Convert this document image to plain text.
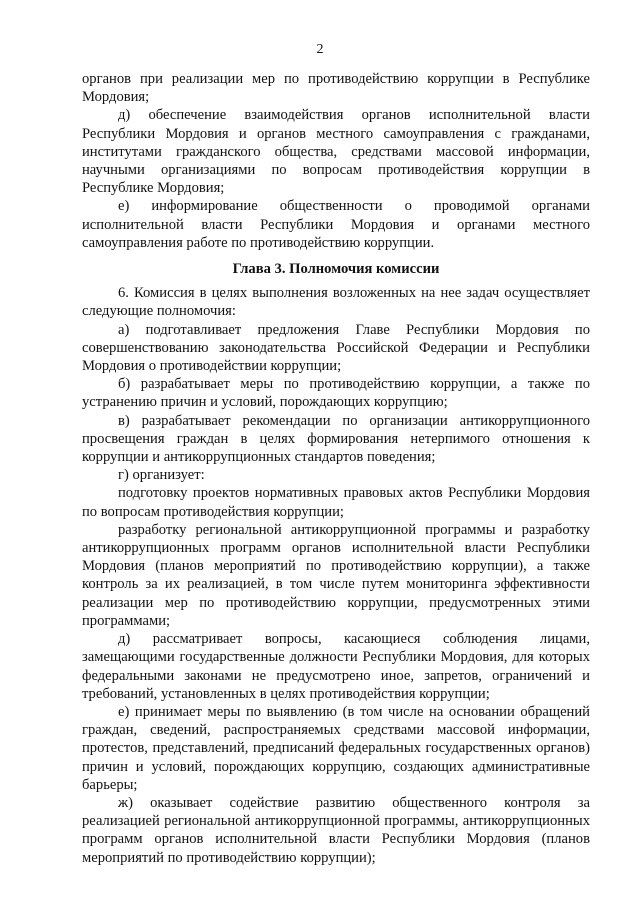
2

органов при реализации мер по противодействию коррупции в Республике Мордовия;

д) обеспечение взаимодействия органов исполнительной власти Республики Мордовия и органов местного самоуправления с гражданами, институтами гражданского общества, средствами массовой информации, научными организациями по вопросам противодействия коррупции в Республике Мордовия;

е) информирование общественности о проводимой органами исполнительной власти Республики Мордовия и органами местного самоуправления работе по противодействию коррупции.

Глава 3. Полномочия комиссии

6. Комиссия в целях выполнения возложенных на нее задач осуществляет следующие полномочия:

а) подготавливает предложения Главе Республики Мордовия по совершенствованию законодательства Российской Федерации и Республики Мордовия о противодействии коррупции;

б) разрабатывает меры по противодействию коррупции, а также по устранению причин и условий, порождающих коррупцию;

в) разрабатывает рекомендации по организации антикоррупционного просвещения граждан в целях формирования нетерпимого отношения к коррупции и антикоррупционных стандартов поведения;

г) организует:

подготовку проектов нормативных правовых актов Республики Мордовия по вопросам противодействия коррупции;

разработку региональной антикоррупционной программы и разработку антикоррупционных программ органов исполнительной власти Республики Мордовия (планов мероприятий по противодействию коррупции), а также контроль за их реализацией, в том числе путем мониторинга эффективности реализации мер по противодействию коррупции, предусмотренных этими программами;

д) рассматривает вопросы, касающиеся соблюдения лицами, замещающими государственные должности Республики Мордовия, для которых федеральными законами не предусмотрено иное, запретов, ограничений и требований, установленных в целях противодействия коррупции;

е) принимает меры по выявлению (в том числе на основании обращений граждан, сведений, распространяемых средствами массовой информации, протестов, представлений, предписаний федеральных государственных органов) причин и условий, порождающих коррупцию, создающих административные барьеры;

ж) оказывает содействие развитию общественного контроля за реализацией региональной антикоррупционной программы, антикоррупционных программ органов исполнительной власти Республики Мордовия (планов мероприятий по противодействию коррупции);
